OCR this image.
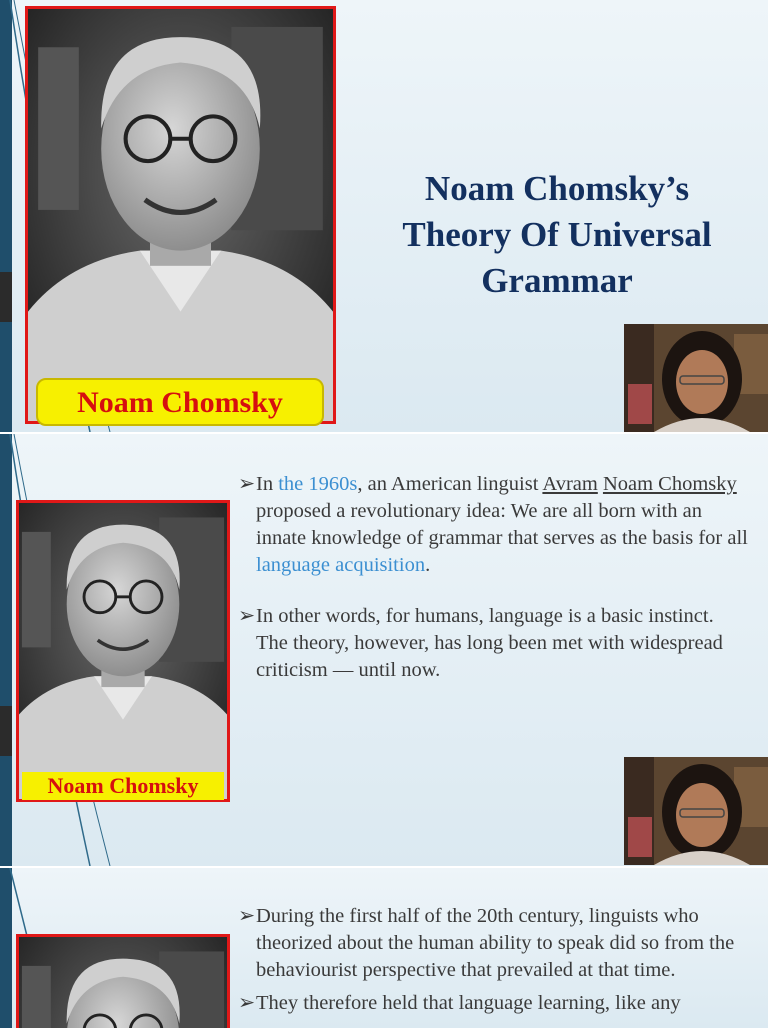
Noam Chomsky
Noam Chomsky’s
Theory Of Universal
Grammar
Noam Chomsky
➢ In the 1960s, an American linguist Avram Noam Chomsky proposed a revolutionary idea: We are all born with an innate knowledge of grammar that serves as the basis for all language acquisition.
➢ In other words, for humans, language is a basic instinct. The theory, however, has long been met with widespread criticism — until now.
➢ During the first half of the 20th century, linguists who theorized about the human ability to speak did so from the behaviourist perspective that prevailed at that time.
➢ They therefore held that language learning, like any
